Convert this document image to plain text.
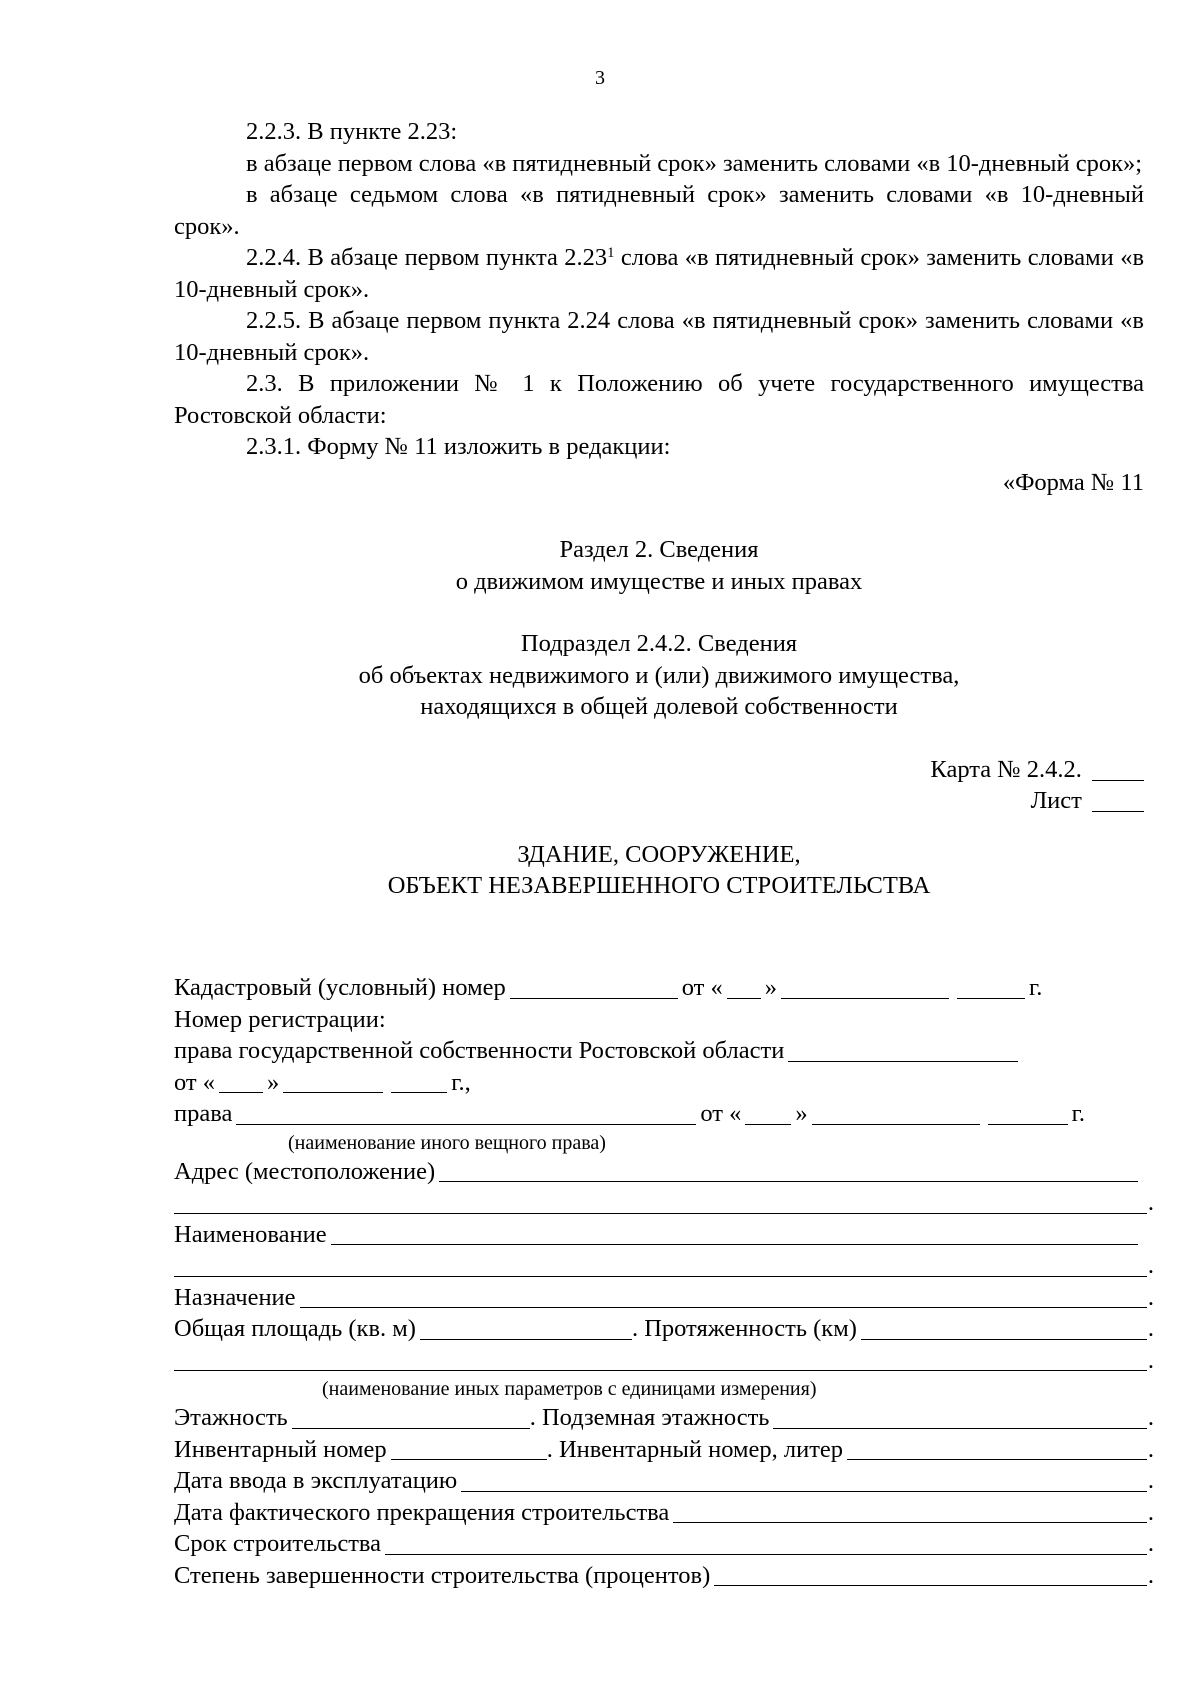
3

2.2.3. В пункте 2.23:

в абзаце первом слова «в пятидневный срок» заменить словами «в 10-дневный срок»;

в абзаце седьмом слова «в пятидневный срок» заменить словами «в 10-дневный срок».

2.2.4. В абзаце первом пункта 2.23$^1$ слова «в пятидневный срок» заменить словами «в 10-дневный срок».

2.2.5. В абзаце первом пункта 2.24 слова «в пятидневный срок» заменить словами «в 10-дневный срок».

2.3. В приложении № 1 к Положению об учете государственного имущества Ростовской области:

2.3.1. Форму № 11 изложить в редакции:

«Форма № 11

Раздел 2. Сведения

о движимом имуществе и иных правах

Подраздел 2.4.2. Сведения

об объектах недвижимого и (или) движимого имущества,

находящихся в общей долевой собственности

Карта № 2.4.2.
Лист

ЗДАНИЕ, СООРУЖЕНИЕ,

ОБЪЕКТ НЕЗАВЕРШЕННОГО СТРОИТЕЛЬСТВА

Кадастровый (условный) номер	от « »	г.
Номер регистрации:
права государственной собственности Ростовской области
от « »	г.,
права	от « »	г.
(наименование иного вещного права)
Адрес (местоположение)
.
Наименование
.
Назначение	.
Общая площадь (кв. м)	. Протяженность (км)	.
.
(наименование иных параметров с единицами измерения)
Этажность	. Подземная этажность	.
Инвентарный номер	. Инвентарный номер, литер	.
Дата ввода в эксплуатацию	.
Дата фактического прекращения строительства	.
Срок строительства	.
Степень завершенности строительства (процентов)	.
